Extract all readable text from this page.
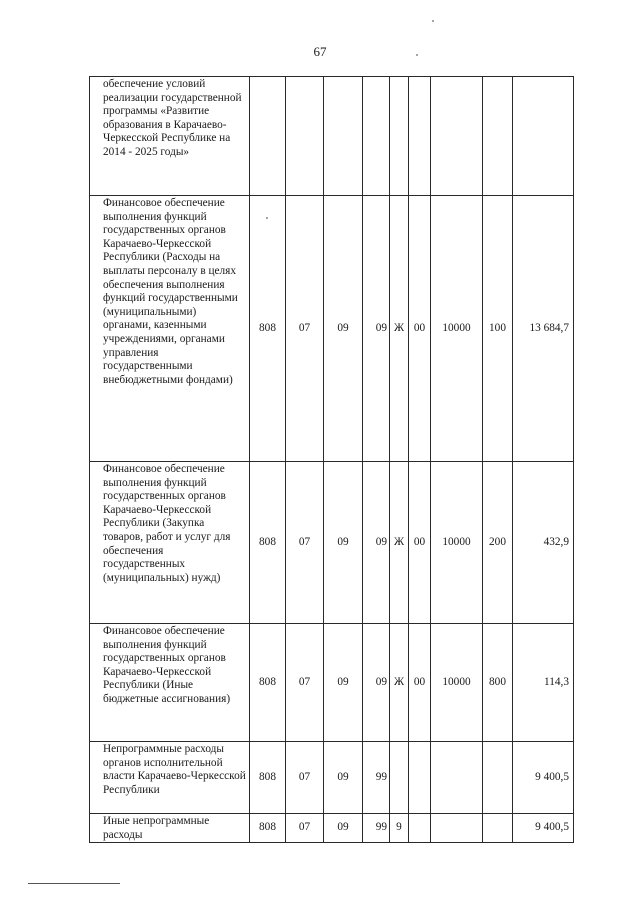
67
обеспечение условий реализации государственной программы «Развитие образования в Карачаево-Черкесской Республике на 2014 - 2025 годы»									
Финансовое обеспечение выполнения функций государственных органов Карачаево-Черкесской Республики (Расходы на выплаты персоналу в целях обеспечения выполнения функций государственными (муниципальными) органами, казенными учреждениями, органами управления государственными внебюджетными фондами)	808	07	09	09	Ж	00	10000	100	13 684,7
Финансовое обеспечение выполнения функций государственных органов Карачаево-Черкесской Республики (Закупка товаров, работ и услуг для обеспечения государственных (муниципальных) нужд)	808	07	09	09	Ж	00	10000	200	432,9
Финансовое обеспечение выполнения функций государственных органов Карачаево-Черкесской Республики (Иные бюджетные ассигнования)	808	07	09	09	Ж	00	10000	800	114,3
Непрограммные расходы органов исполнительной власти Карачаево-Черкесской Республики	808	07	09	99					9 400,5
Иные непрограммные расходы	808	07	09	99	9				9 400,5
